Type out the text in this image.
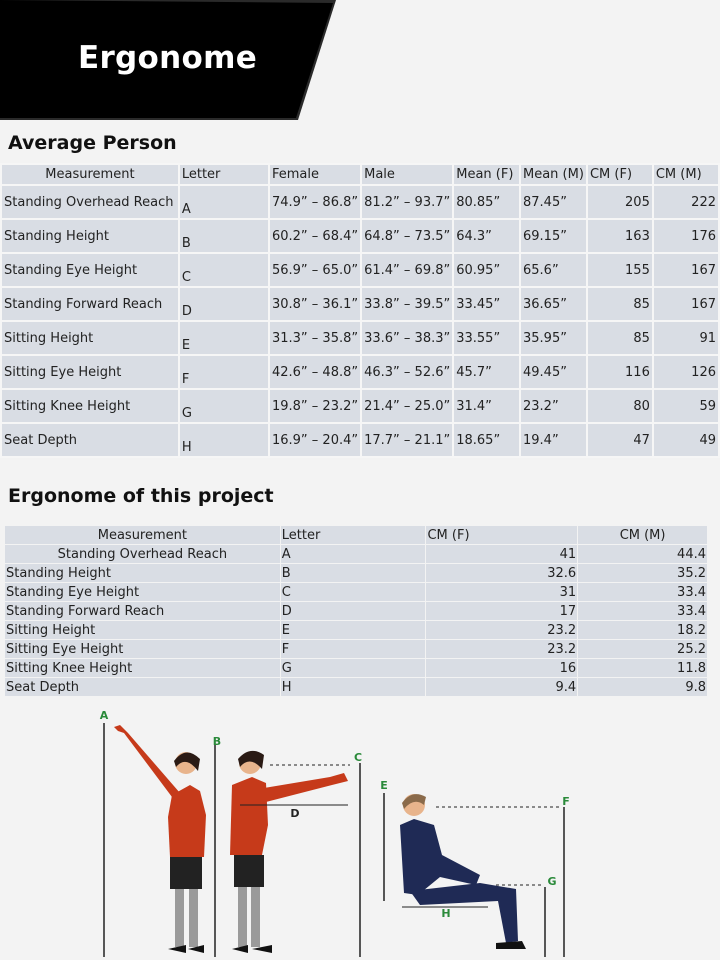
Ergonome
Average Person
Measurement	Letter	Female	Male	Mean (F)	Mean (M)	CM (F)	CM (M)
Standing Overhead Reach	A	74.9” – 86.8”	81.2” – 93.7”	80.85”	87.45”	205	222
Standing Height	B	60.2” – 68.4”	64.8” – 73.5”	64.3”	69.15”	163	176
Standing Eye Height	C	56.9” – 65.0”	61.4” – 69.8”	60.95”	65.6”	155	167
Standing Forward Reach	D	30.8” – 36.1”	33.8” – 39.5”	33.45”	36.65”	85	167
Sitting Height	E	31.3” – 35.8”	33.6” – 38.3”	33.55”	35.95”	85	91
Sitting Eye Height	F	42.6” – 48.8”	46.3” – 52.6”	45.7”	49.45”	116	126
Sitting Knee Height	G	19.8” – 23.2”	21.4” – 25.0”	31.4”	23.2”	80	59
Seat Depth	H	16.9” – 20.4”	17.7” – 21.1”	18.65”	19.4”	47	49
Ergonome of this project
Measurement	Letter	CM (F)	CM (M)
Standing Overhead Reach	A	41	44.4
Standing Height	B	32.6	35.2
Standing Eye Height	C	31	33.4
Standing Forward Reach	D	17	33.4
Sitting Height	E	23.2	18.2
Sitting Eye Height	F	23.2	25.2
Sitting Knee Height	G	16	11.8
Seat Depth	H	9.4	9.8
A
B
C
D
E
F
G
H
